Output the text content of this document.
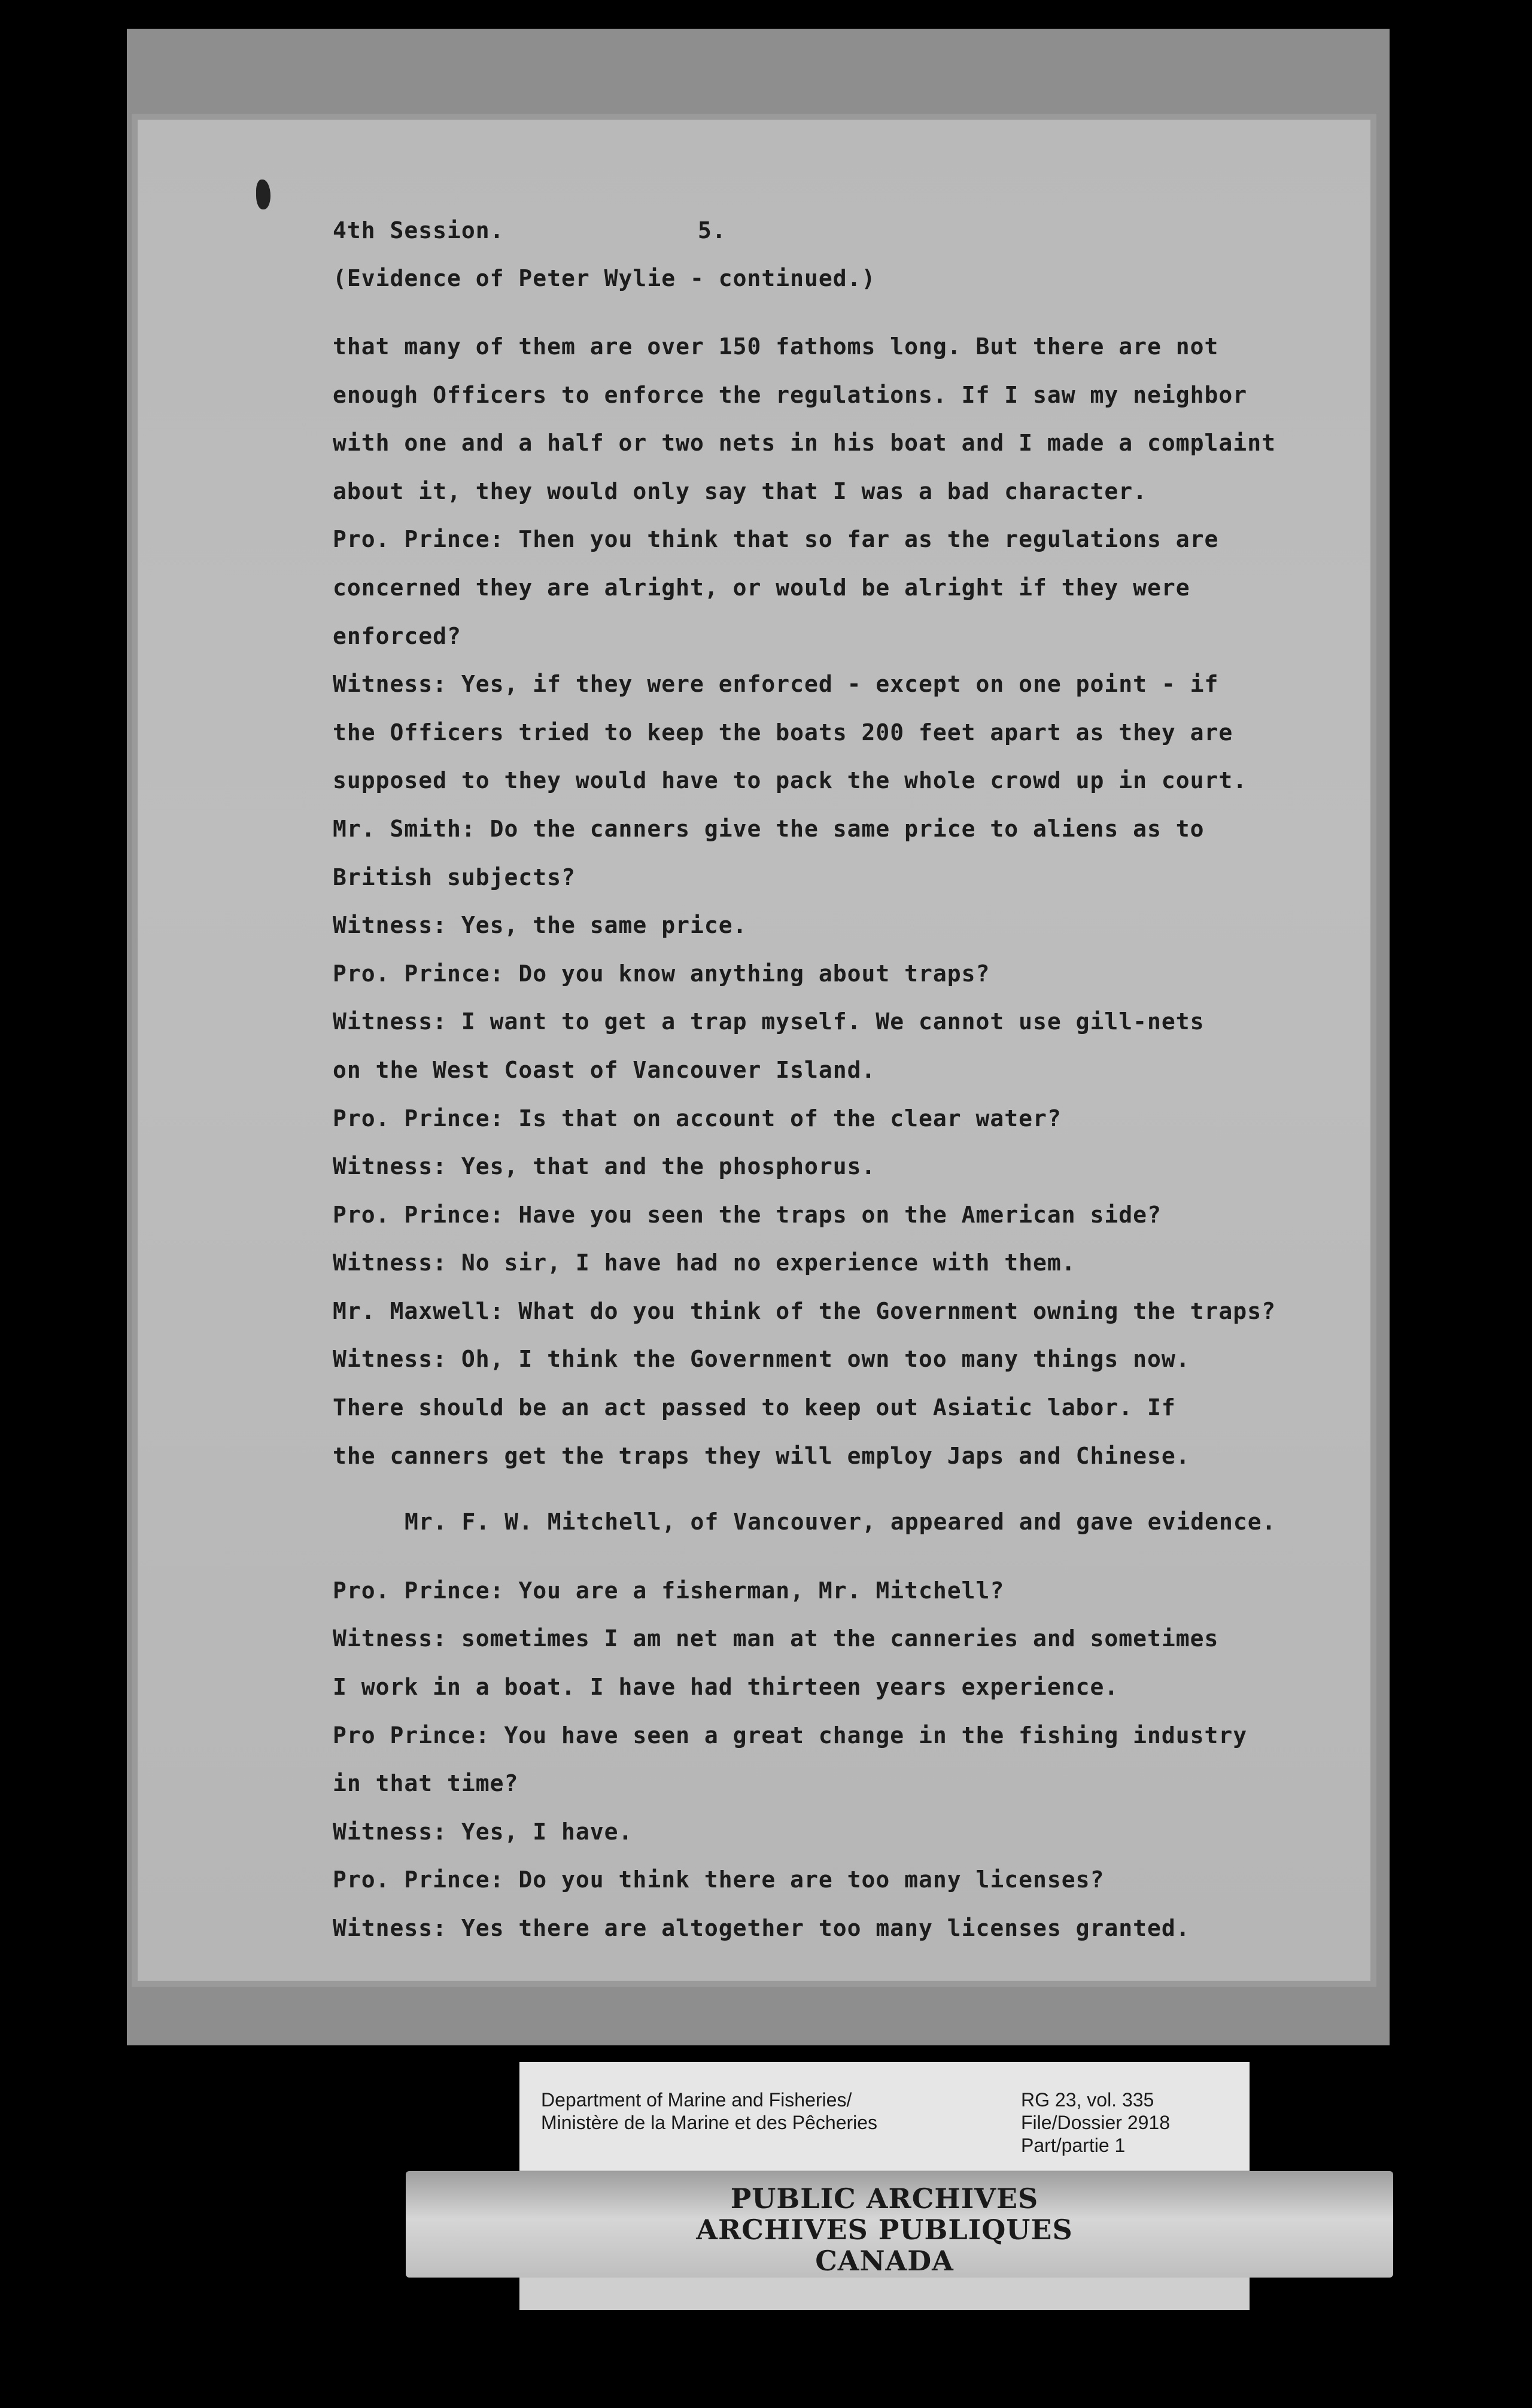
4th Session.	5.
(Evidence of Peter Wylie - continued.)
that many of them are over 150 fathoms long. But there are not
enough Officers to enforce the regulations. If I saw my neighbor
with one and a half or two nets in his boat and I made a complaint
about it, they would only say that I was a bad character.
Pro. Prince: Then you think that so far as the regulations are
concerned they are alright, or would be alright if they were
enforced?
Witness: Yes, if they were enforced - except on one point - if
the Officers tried to keep the boats 200 feet apart as they are
supposed to they would have to pack the whole crowd up in court.
Mr. Smith: Do the canners give the same price to aliens as to
British subjects?
Witness: Yes, the same price.
Pro. Prince: Do you know anything about traps?
Witness: I want to get a trap myself. We cannot use gill-nets
on the West Coast of Vancouver Island.
Pro. Prince: Is that on account of the clear water?
Witness: Yes, that and the phosphorus.
Pro. Prince: Have you seen the traps on the American side?
Witness: No sir, I have had no experience with them.
Mr. Maxwell: What do you think of the Government owning the traps?
Witness: Oh, I think the Government own too many things now.
There should be an act passed to keep out Asiatic labor. If
the canners get the traps they will employ Japs and Chinese.
Mr. F. W. Mitchell, of Vancouver, appeared and gave evidence.
Pro. Prince: You are a fisherman, Mr. Mitchell?
Witness: sometimes I am net man at the canneries and sometimes
I work in a boat. I have had thirteen years experience.
Pro Prince: You have seen a great change in the fishing industry
in that time?
Witness: Yes, I have.
Pro. Prince: Do you think there are too many licenses?
Witness: Yes there are altogether too many licenses granted.
PUBLIC ARCHIVES
ARCHIVES PUBLIQUES
CANADA
Department of Marine and Fisheries/
Ministère de la Marine et des Pêcheries
RG 23, vol. 335
File/Dossier 2918
Part/partie 1
